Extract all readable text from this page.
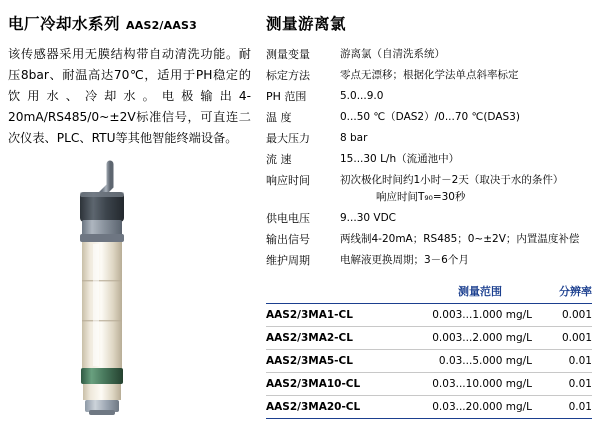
电厂冷却水系列 AAS2/AAS3
该传感器采用无膜结构带自动清洗功能。耐压8bar、耐温高达70℃，适用于PH稳定的饮用水、冷却水。电极输出4-20mA/RS485/0~±2V标准信号，可直连二次仪表、PLC、RTU等其他智能终端设备。
测量游离氯
测量变量	游离氯（自清洗系统）
标定方法	零点无漂移；根据化学法单点斜率标定
PH 范围	5.0...9.0
温 度	0...50 ℃（DAS2）/0...70 ℃(DAS3)
最大压力	8 bar
流 速	15...30 L/h（流通池中）
响应时间	初次极化时间约1小时－2天（取决于水的条件）
响应时间T₉₀=30秒

供电电压	9...30 VDC
输出信号	两线制4-20mA；RS485；0~±2V；内置温度补偿
维护周期	电解液更换周期；3－6个月
	测量范围	分辨率
AAS2/3MA1-CL	0.003...1.000 mg/L	0.001
AAS2/3MA2-CL	0.003...2.000 mg/L	0.001
AAS2/3MA5-CL	0.03...5.000 mg/L	0.01
AAS2/3MA10-CL	0.03...10.000 mg/L	0.01
AAS2/3MA20-CL	0.03...20.000 mg/L	0.01
